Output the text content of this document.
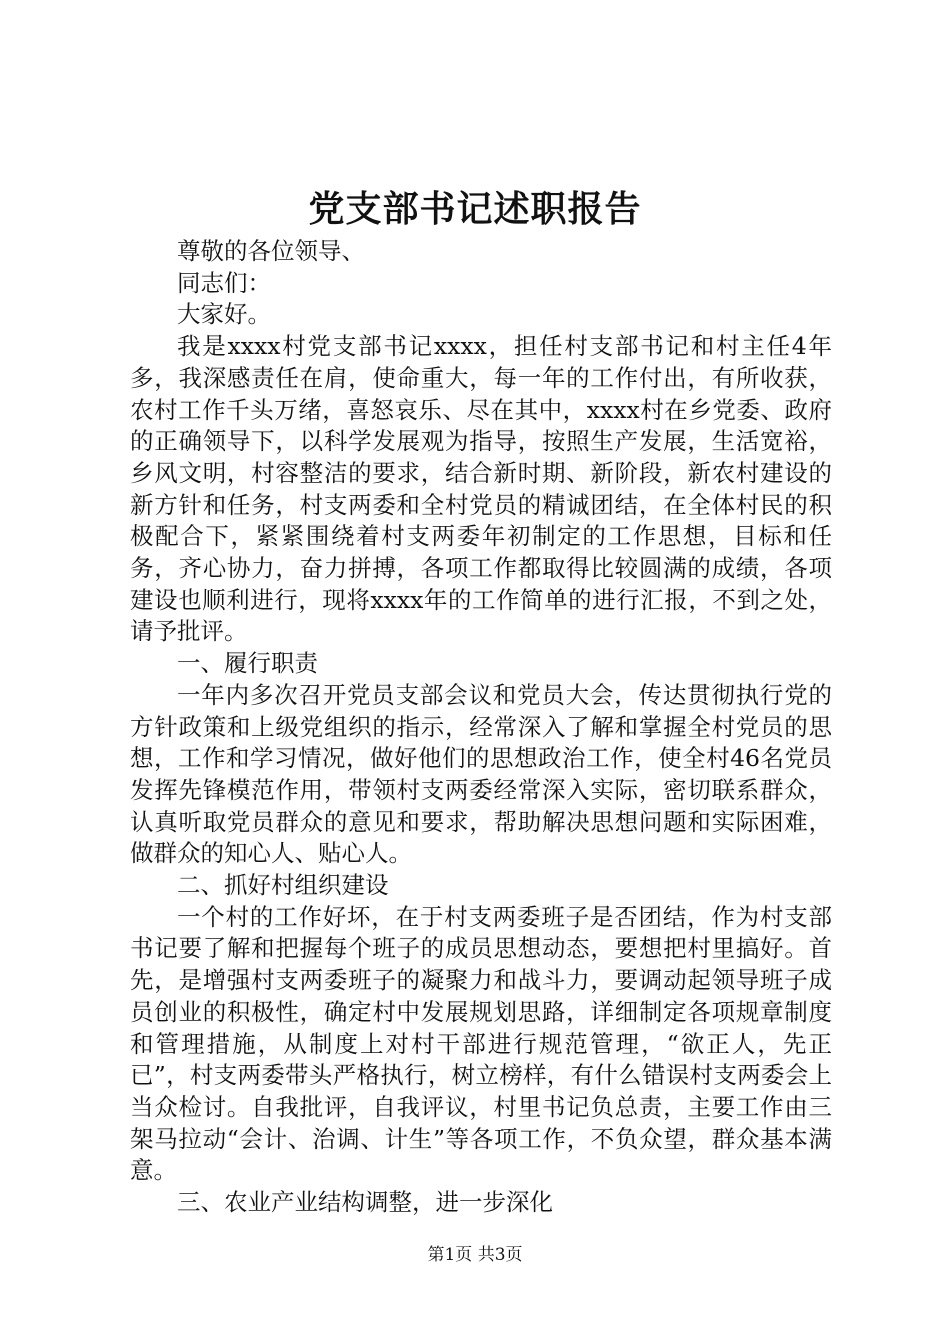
党支部书记述职报告

尊敬的各位领导、

同志们：

大家好。

我是xxxx村党支部书记xxxx，担任村支部书记和村主任4年多，我深感责任在肩，使命重大，每一年的工作付出，有所收获，农村工作千头万绪，喜怒哀乐、尽在其中，xxxx村在乡党委、政府的正确领导下，以科学发展观为指导，按照生产发展，生活宽裕，乡风文明，村容整洁的要求，结合新时期、新阶段，新农村建设的新方针和任务，村支两委和全村党员的精诚团结，在全体村民的积极配合下，紧紧围绕着村支两委年初制定的工作思想，目标和任务，齐心协力，奋力拼搏，各项工作都取得比较圆满的成绩，各项建设也顺利进行，现将xxxx年的工作简单的进行汇报，不到之处，请予批评。

一、履行职责

一年内多次召开党员支部会议和党员大会，传达贯彻执行党的方针政策和上级党组织的指示，经常深入了解和掌握全村党员的思想，工作和学习情况，做好他们的思想政治工作，使全村46名党员发挥先锋模范作用，带领村支两委经常深入实际，密切联系群众，认真听取党员群众的意见和要求，帮助解决思想问题和实际困难，做群众的知心人、贴心人。

二、抓好村组织建设

一个村的工作好坏，在于村支两委班子是否团结，作为村支部书记要了解和把握每个班子的成员思想动态，要想把村里搞好。首先，是增强村支两委班子的凝聚力和战斗力，要调动起领导班子成员创业的积极性，确定村中发展规划思路，详细制定各项规章制度和管理措施，从制度上对村干部进行规范管理，“欲正人，先正已”，村支两委带头严格执行，树立榜样，有什么错误村支两委会上当众检讨。自我批评，自我评议，村里书记负总责，主要工作由三架马拉动“会计、治调、计生”等各项工作，不负众望，群众基本满意。

三、农业产业结构调整，进一步深化

第1页 共3页
